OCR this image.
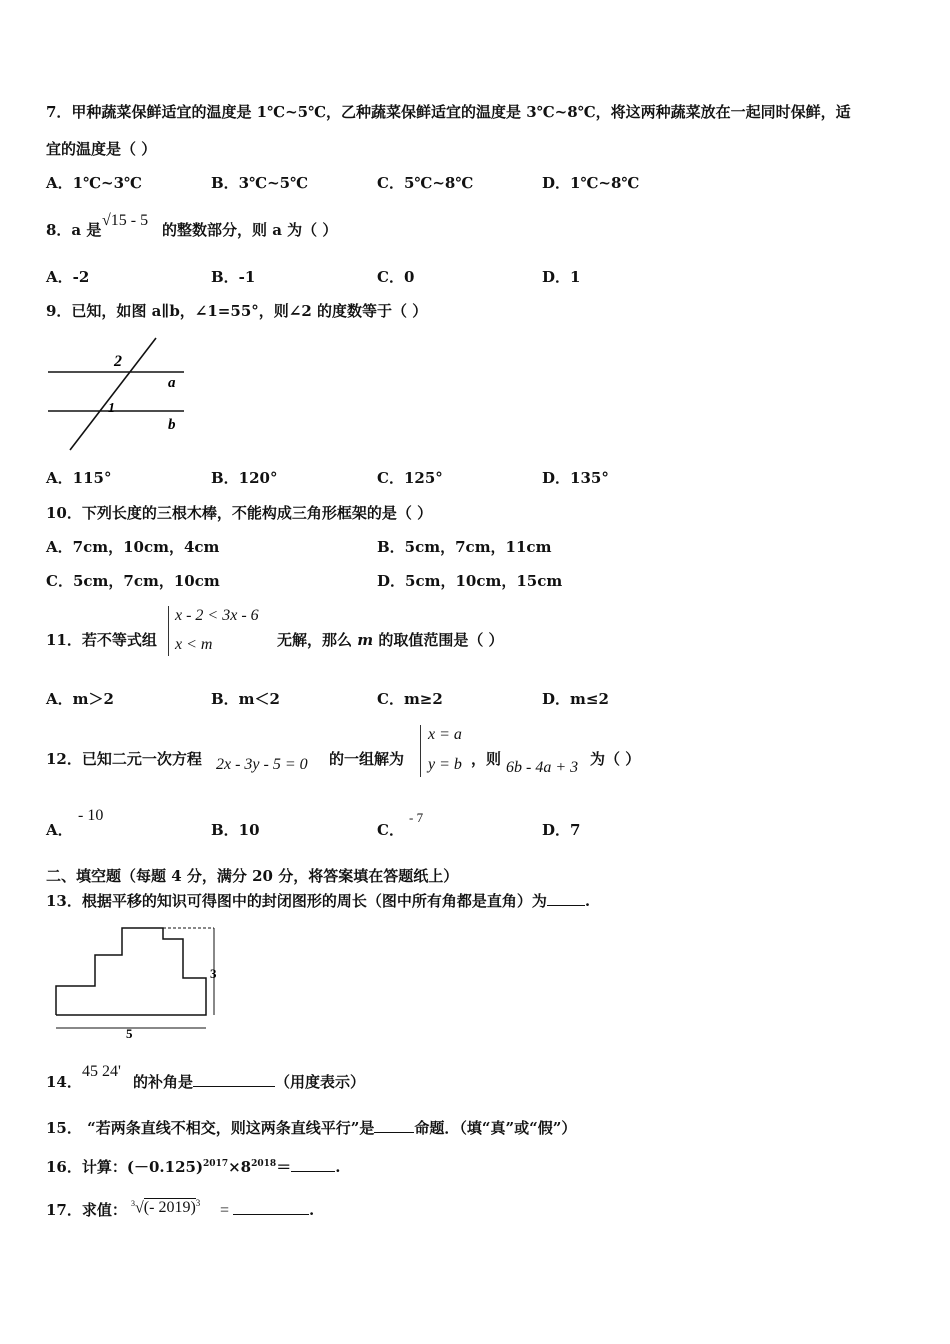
7．甲种蔬菜保鲜适宜的温度是 1℃~5℃，乙种蔬菜保鲜适宜的温度是 3℃~8℃，将这两种蔬菜放在一起同时保鲜，适
宜的温度是（ ）
A．1℃~3℃	B．3℃~5℃	C．5℃~8℃	D．1℃~8℃
8．a 是
√15 - 5
的整数部分，则 a 为（ ）
A．-2	B．-1	C．0	D．1
9．已知，如图 a∥b，∠1=55°，则∠2 的度数等于（ ）
2
1
a
b
A．115°	B．120°	C．125°	D．135°
10．下列长度的三根木棒，不能构成三角形框架的是（ ）
A．7cm，10cm，4cm	B．5cm，7cm，11cm
C．5cm，7cm，10cm	D．5cm，10cm，15cm
11．若不等式组
x - 2 < 3x - 6
x < m	无解，那么 m 的取值范围是（ ）
A．m＞2	B．m＜2	C．m≥2	D．m≤2
12．已知二元一次方程 2x - 3y - 5 = 0 的一组解为
x = a
y = b ，则 6b - 4a + 3 为（ ）
A．
- 10
B．10	C．
- 7
D．7
二、填空题（每题 4 分，满分 20 分，将答案填在答题纸上）
13．根据平移的知识可得图中的封闭图形的周长（图中所有角都是直角）为	.
3
5
14．
45 24'
的补角是	（用度表示）
15． “若两条直线不相交，则这两条直线平行”是	命题．（填“真”或“假”）
16．计算：$(-0.125)^{2017}\times 8^{2018}=$	.
17．求值： $^3$√(- 2019)$^3$ =	.
